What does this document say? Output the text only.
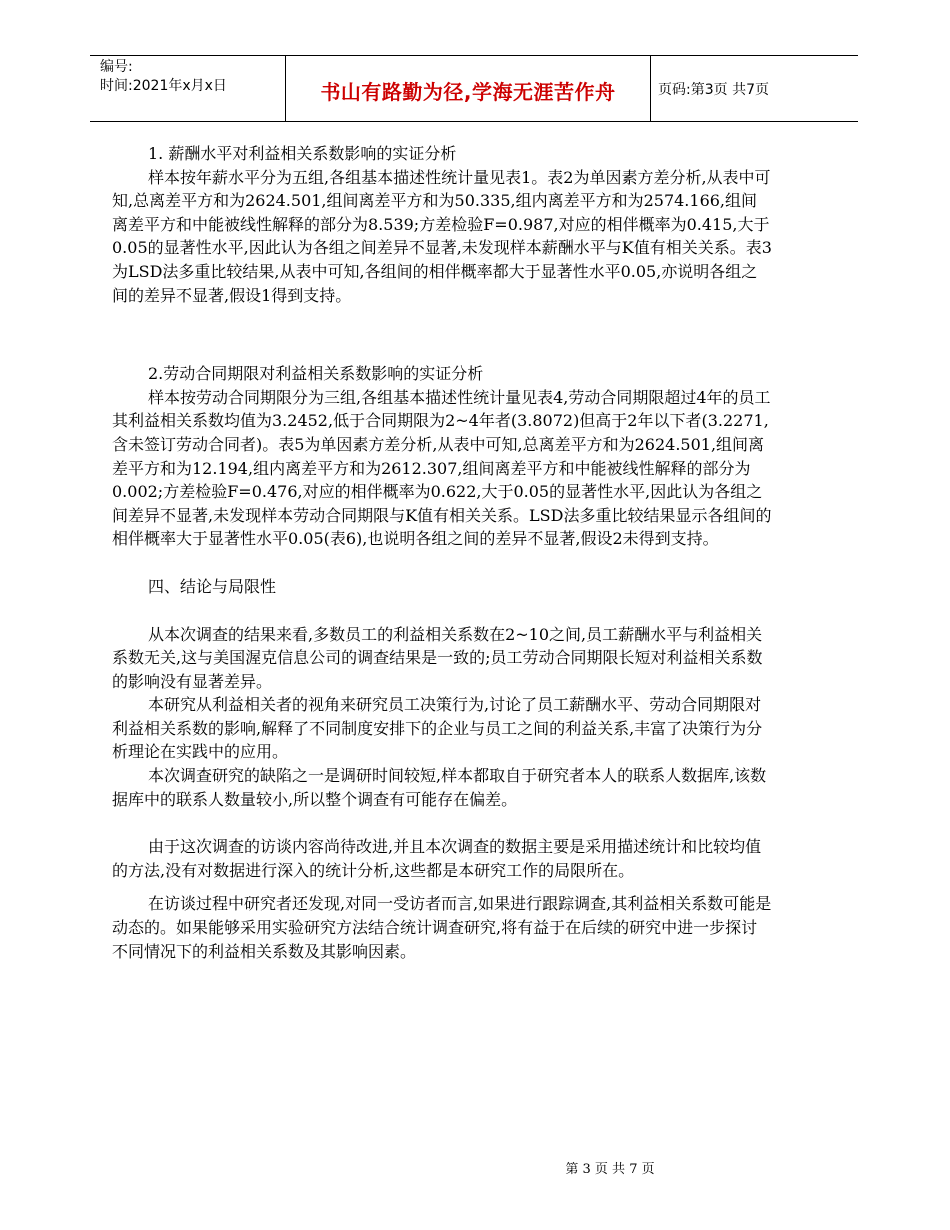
编号:
时间:2021年x月x日	书山有路勤为径,学海无涯苦作舟	页码:第3页 共7页

1. 薪酬水平对利益相关系数影响的实证分析

样本按年薪水平分为五组,各组基本描述性统计量见表1。表2为单因素方差分析,从表中可知,总离差平方和为2624.501,组间离差平方和为50.335,组内离差平方和为2574.166,组间离差平方和中能被线性解释的部分为8.539;方差检验F=0.987,对应的相伴概率为0.415,大于0.05的显著性水平,因此认为各组之间差异不显著,未发现样本薪酬水平与K值有相关关系。表3为LSD法多重比较结果,从表中可知,各组间的相伴概率都大于显著性水平0.05,亦说明各组之间的差异不显著,假设1得到支持。

2.劳动合同期限对利益相关系数影响的实证分析

样本按劳动合同期限分为三组,各组基本描述性统计量见表4,劳动合同期限超过4年的员工其利益相关系数均值为3.2452,低于合同期限为2~4年者(3.8072)但高于2年以下者(3.2271,含未签订劳动合同者)。表5为单因素方差分析,从表中可知,总离差平方和为2624.501,组间离差平方和为12.194,组内离差平方和为2612.307,组间离差平方和中能被线性解释的部分为0.002;方差检验F=0.476,对应的相伴概率为0.622,大于0.05的显著性水平,因此认为各组之间差异不显著,未发现样本劳动合同期限与K值有相关关系。LSD法多重比较结果显示各组间的相伴概率大于显著性水平0.05(表6),也说明各组之间的差异不显著,假设2未得到支持。

四、结论与局限性

从本次调查的结果来看,多数员工的利益相关系数在2~10之间,员工薪酬水平与利益相关系数无关,这与美国渥克信息公司的调查结果是一致的;员工劳动合同期限长短对利益相关系数的影响没有显著差异。

本研究从利益相关者的视角来研究员工决策行为,讨论了员工薪酬水平、劳动合同期限对利益相关系数的影响,解释了不同制度安排下的企业与员工之间的利益关系,丰富了决策行为分析理论在实践中的应用。

本次调查研究的缺陷之一是调研时间较短,样本都取自于研究者本人的联系人数据库,该数据库中的联系人数量较小,所以整个调查有可能存在偏差。

由于这次调查的访谈内容尚待改进,并且本次调查的数据主要是采用描述统计和比较均值的方法,没有对数据进行深入的统计分析,这些都是本研究工作的局限所在。

在访谈过程中研究者还发现,对同一受访者而言,如果进行跟踪调查,其利益相关系数可能是动态的。如果能够采用实验研究方法结合统计调查研究,将有益于在后续的研究中进一步探讨不同情况下的利益相关系数及其影响因素。

第 3 页 共 7 页
